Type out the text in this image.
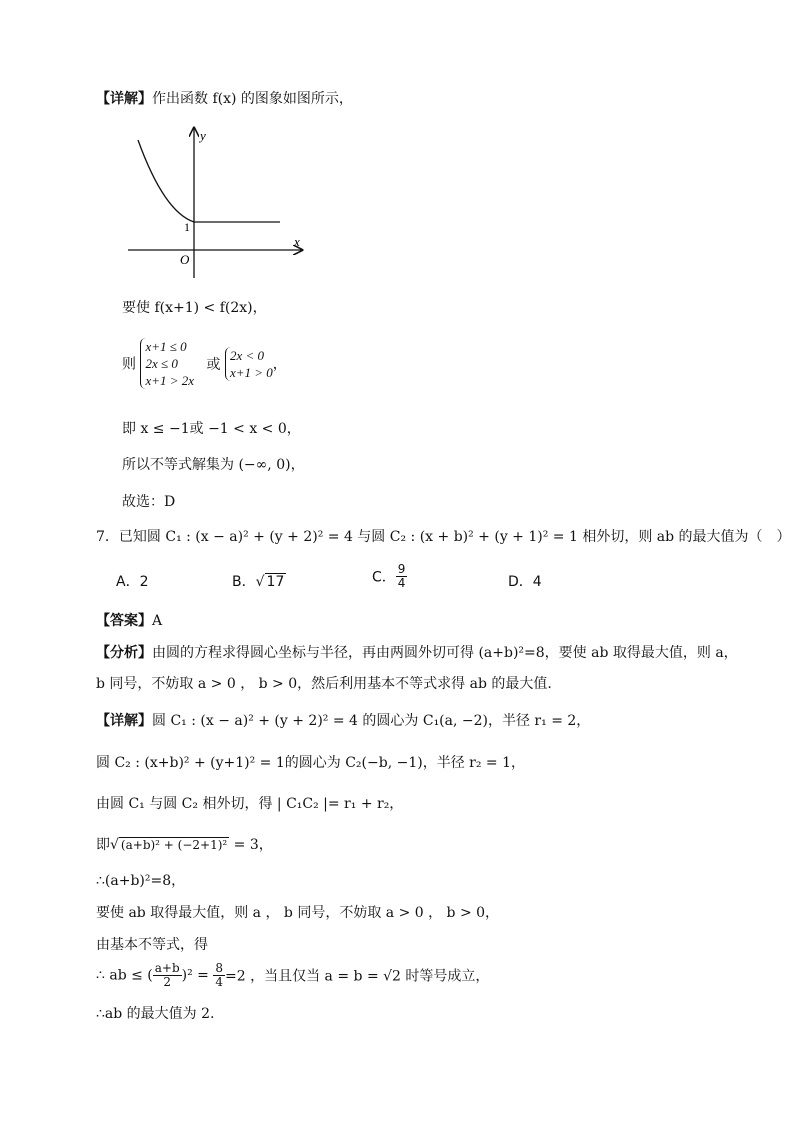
【详解】作出函数 f(x) 的图象如图所示，
y
x
O
1
要使 f(x+1) < f(2x)，
则 x+1 ≤ 0
2x ≤ 0
x+1 > 2x 或 2x < 0
x+1 > 0，
即 x ≤ −1或 −1 < x < 0，
所以不等式解集为 (−∞, 0)，
故选：D
7．已知圆 C₁ : (x − a)² + (y + 2)² = 4 与圆 C₂ : (x + b)² + (y + 1)² = 1 相外切，则 ab 的最大值为（　）
A．2	B．√ 17	C． $\frac{9}{4}$	D．4
【答案】A
【分析】由圆的方程求得圆心坐标与半径，再由两圆外切可得 (a+b)²=8，要使 ab 取得最大值，则 a，
b 同号，不妨取 a > 0 ， b > 0，然后利用基本不等式求得 ab 的最大值.
【详解】圆 C₁ : (x − a)² + (y + 2)² = 4 的圆心为 C₁(a, −2)，半径 r₁ = 2，
圆 C₂ : (x+b)² + (y+1)² = 1的圆心为 C₂(−b, −1)，半径 r₂ = 1，
由圆 C₁ 与圆 C₂ 相外切，得 | C₁C₂ |= r₁ + r₂，
即√ (a+b)² + (−2+1)² = 3，
∴(a+b)²=8，
要使 ab 取得最大值，则 a ， b 同号，不妨取 a > 0 ， b > 0，
由基本不等式，得
∴ ab ≤ ( $\frac{a+b}{2} )^2 = \frac{8}{4} =2$ ，当且仅当 a = b = √2 时等号成立，
∴ab 的最大值为 2.
